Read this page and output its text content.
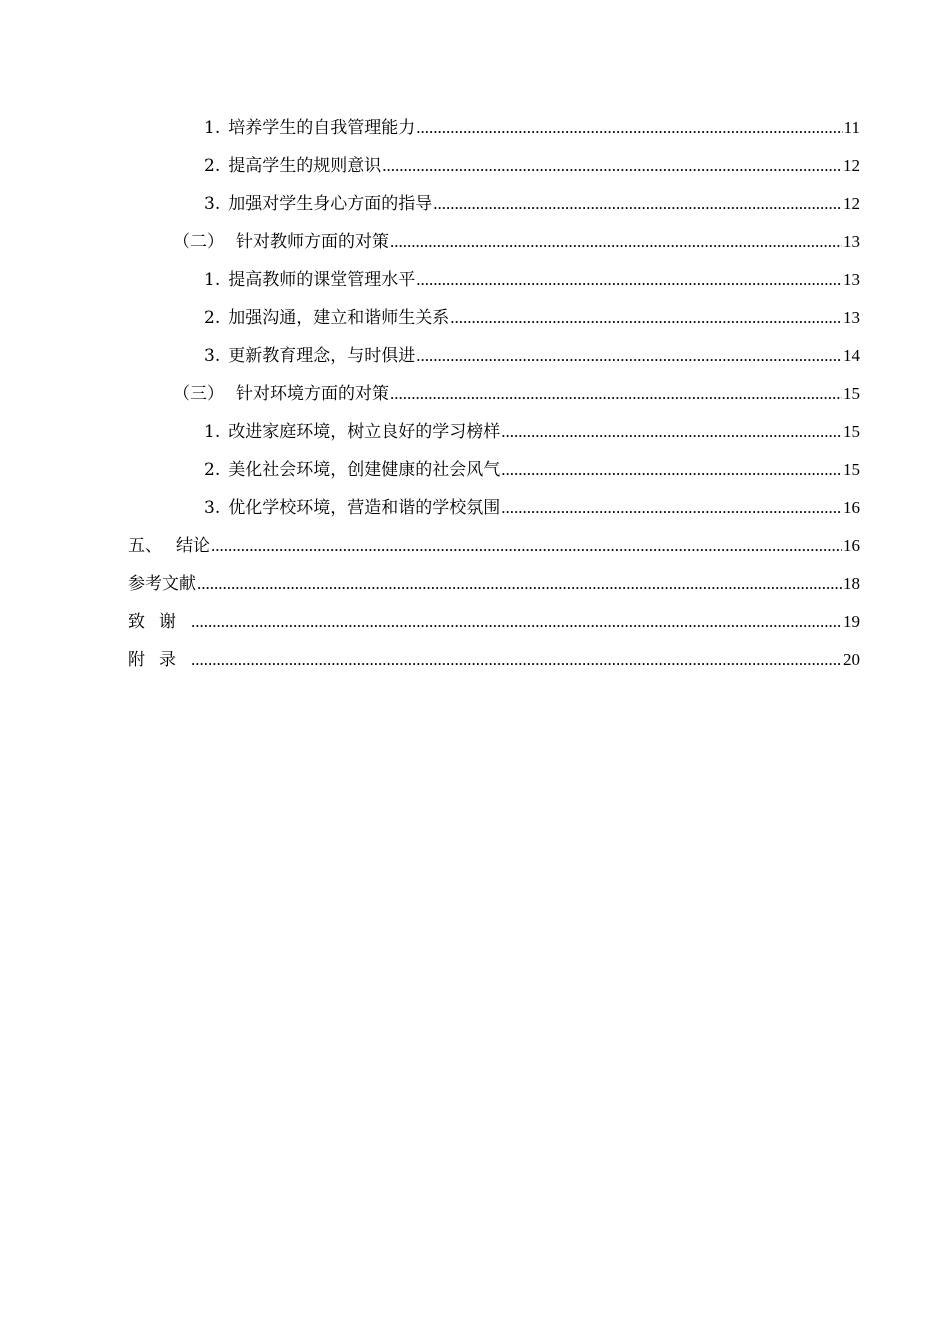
1. 培养学生的自我管理能力 .....	11
2. 提高学生的规则意识 .....	12
3. 加强对学生身心方面的指导 .....	12
（二） 针对教师方面的对策 .....	13
1. 提高教师的课堂管理水平 .....	13
2. 加强沟通，建立和谐师生关系 .....	13
3. 更新教育理念，与时俱进 .....	14
（三） 针对环境方面的对策 .....	15
1. 改进家庭环境，树立良好的学习榜样 .....	15
2. 美化社会环境，创建健康的社会风气 .....	15
3. 优化学校环境，营造和谐的学校氛围 .....	16
五、 结论 .....	16
参考文献 .....	18
致谢 .....	19
附录 .....	20
